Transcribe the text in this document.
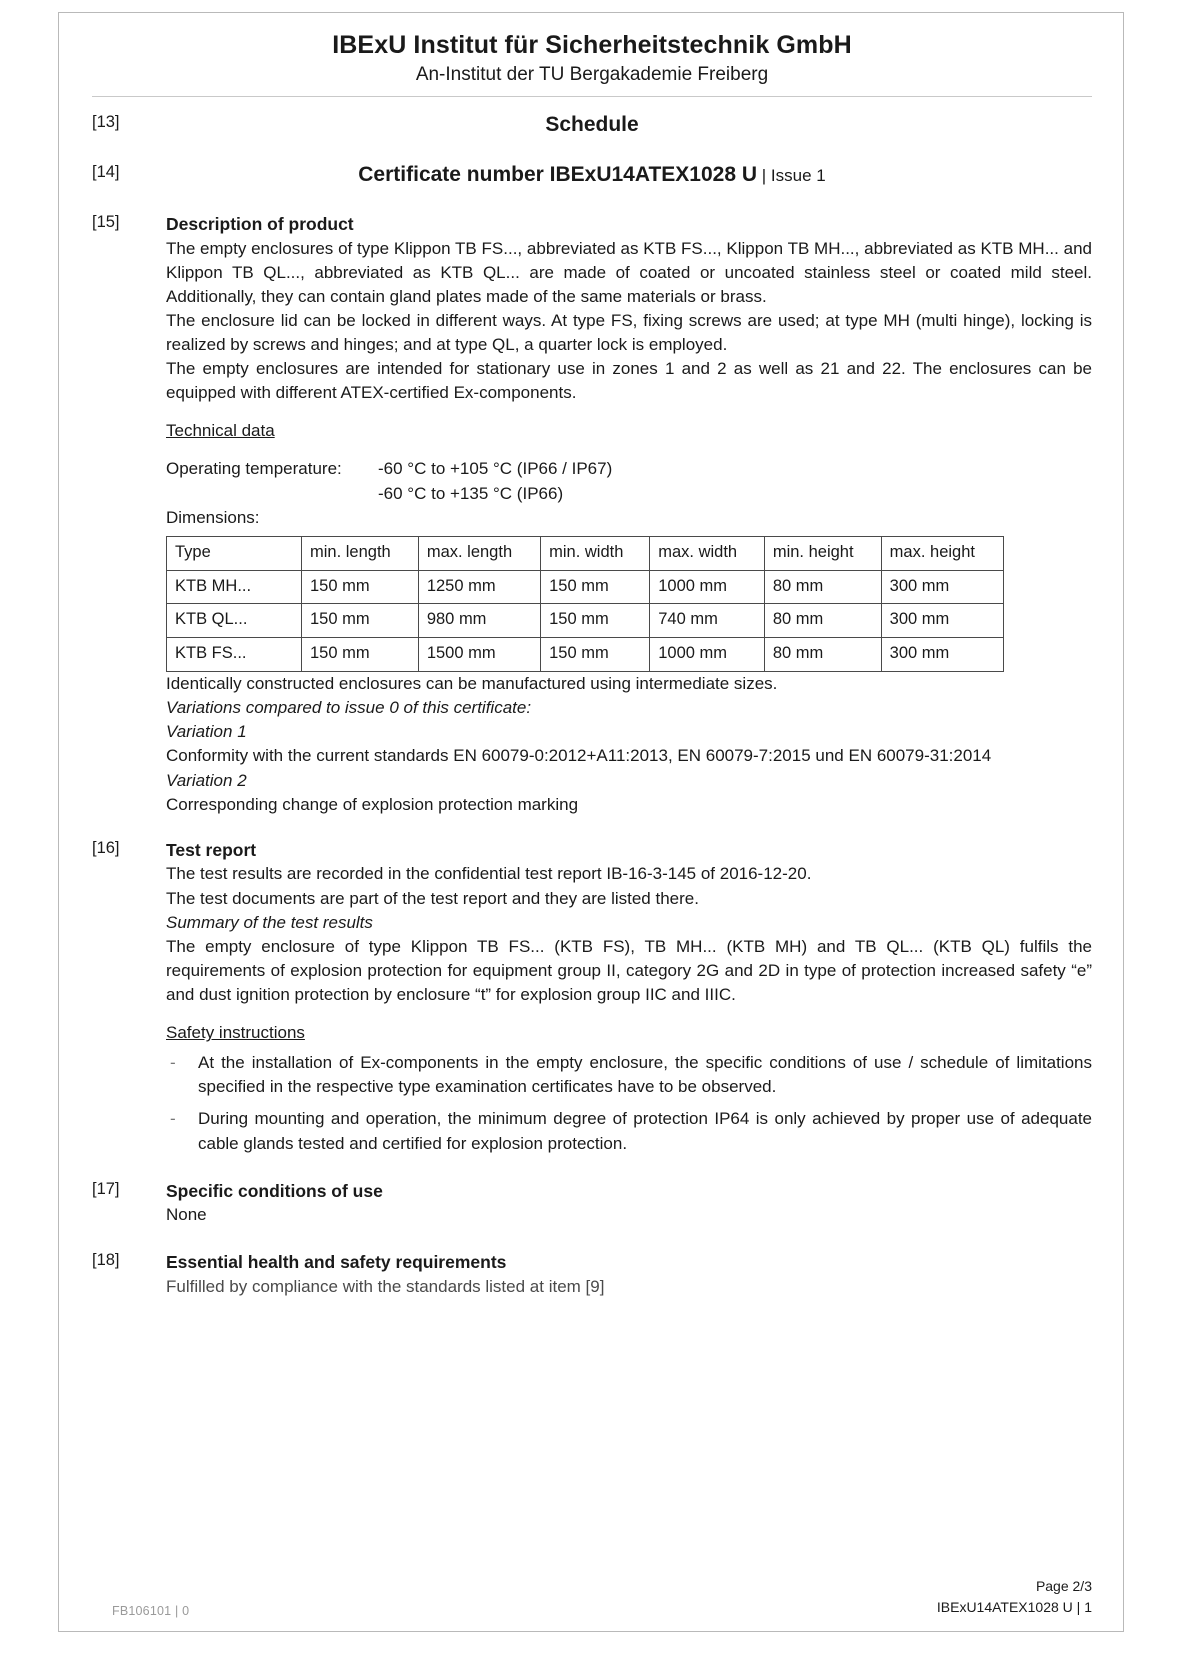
IBExU Institut für Sicherheitstechnik GmbH
An-Institut der TU Bergakademie Freiberg
[13]	Schedule
[14]	Certificate number IBExU14ATEX1028 U | Issue 1
[15]	Description of product

The empty enclosures of type Klippon TB FS..., abbreviated as KTB FS..., Klippon TB MH..., abbreviated as KTB MH... and Klippon TB QL..., abbreviated as KTB QL... are made of coated or uncoated stainless steel or coated mild steel. Additionally, they can contain gland plates made of the same materials or brass.

The enclosure lid can be locked in different ways. At type FS, fixing screws are used; at type MH (multi hinge), locking is realized by screws and hinges; and at type QL, a quarter lock is employed.

The empty enclosures are intended for stationary use in zones 1 and 2 as well as 21 and 22. The enclosures can be equipped with different ATEX-certified Ex-components.

Technical data
Operating temperature:	-60 °C to +105 °C (IP66 / IP67)
-60 °C to +135 °C (IP66)

Dimensions:

Type	min. length	max. length	min. width	max. width	min. height	max. height
KTB MH...	150 mm	1250 mm	150 mm	1000 mm	80 mm	300 mm
KTB QL...	150 mm	980 mm	150 mm	740 mm	80 mm	300 mm
KTB FS...	150 mm	1500 mm	150 mm	1000 mm	80 mm	300 mm

Identically constructed enclosures can be manufactured using intermediate sizes.

Variations compared to issue 0 of this certificate:

Variation 1

Conformity with the current standards EN 60079-0:2012+A11:2013, EN 60079-7:2015 und EN 60079-31:2014

Variation 2

Corresponding change of explosion protection marking

[16]	Test report

The test results are recorded in the confidential test report IB-16-3-145 of 2016-12-20.

The test documents are part of the test report and they are listed there.

Summary of the test results

The empty enclosure of type Klippon TB FS... (KTB FS), TB MH... (KTB MH) and TB QL... (KTB QL) fulfils the requirements of explosion protection for equipment group II, category 2G and 2D in type of protection increased safety “e” and dust ignition protection by enclosure “t” for explosion group IIC and IIIC.

Safety instructions
- At the installation of Ex-components in the empty enclosure, the specific conditions of use / schedule of limitations specified in the respective type examination certificates have to be observed.
- During mounting and operation, the minimum degree of protection IP64 is only achieved by proper use of adequate cable glands tested and certified for explosion protection.
[17]	Specific conditions of use

None

[18]	Essential health and safety requirements

Fulfilled by compliance with the standards listed at item [9]

Page 2/3
IBExU14ATEX1028 U | 1
FB106101 | 0
